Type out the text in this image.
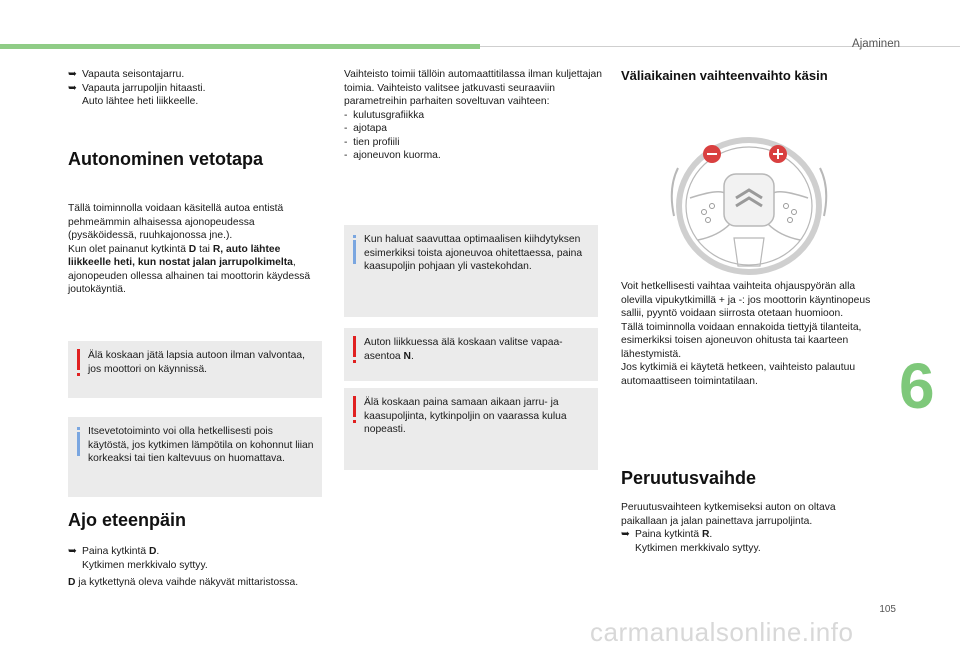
Ajaminen
6
105
carmanualsonline.info

➥ Vapauta seisontajarru.

➥ Vapauta jarrupoljin hitaasti.

Auto lähtee heti liikkeelle.

Autonominen vetotapa

Tällä toiminnolla voidaan käsitellä autoa entistä pehmeämmin alhaisessa ajonopeudessa (pysäköidessä, ruuhkajonossa jne.).

Kun olet painanut kytkintä D tai R, auto lähtee liikkeelle heti, kun nostat jalan jarrupolkimelta, ajonopeuden ollessa alhainen tai moottorin käydessä joutokäyntiä.

Älä koskaan jätä lapsia autoon ilman valvontaa, jos moottori on käynnissä.
Itsevetotoiminto voi olla hetkellisesti pois käytöstä, jos kytkimen lämpötila on kohonnut liian korkeaksi tai tien kaltevuus on huomattava.
Ajo eteenpäin

➥ Paina kytkintä D.

Kytkimen merkkivalo syttyy.

D ja kytkettynä oleva vaihde näkyvät mittaristossa.

Vaihteisto toimii tällöin automaattitilassa ilman kuljettajan toimia. Vaihteisto valitsee jatkuvasti seuraaviin parametreihin parhaiten soveltuvan vaihteen:

-  kulutusgrafiikka
-  ajotapa
-  tien profiili
-  ajoneuvon kuorma.
Kun haluat saavuttaa optimaalisen kiihdytyksen esimerkiksi toista ajoneuvoa ohitettaessa, paina kaasupoljin pohjaan yli vastekohdan.
Auton liikkuessa älä koskaan valitse vapaa-asentoa N.
Älä koskaan paina samaan aikaan jarru- ja kaasupoljinta, kytkinpoljin on vaarassa kulua nopeasti.
Väliaikainen vaihteenvaihto käsin

Voit hetkellisesti vaihtaa vaihteita ohjauspyörän alla olevilla vipukytkimillä + ja -: jos moottorin käyntinopeus sallii, pyyntö voidaan siirrosta otetaan huomioon.

Tällä toiminnolla voidaan ennakoida tiettyjä tilanteita, esimerkiksi toisen ajoneuvon ohitusta tai kaarteen lähestymistä.

Jos kytkimiä ei käytetä hetkeen, vaihteisto palautuu automaattiseen toimintatilaan.

Peruutusvaihde

Peruutusvaihteen kytkemiseksi auton on oltava paikallaan ja jalan painettava jarrupoljinta.

➥ Paina kytkintä R.

Kytkimen merkkivalo syttyy.
